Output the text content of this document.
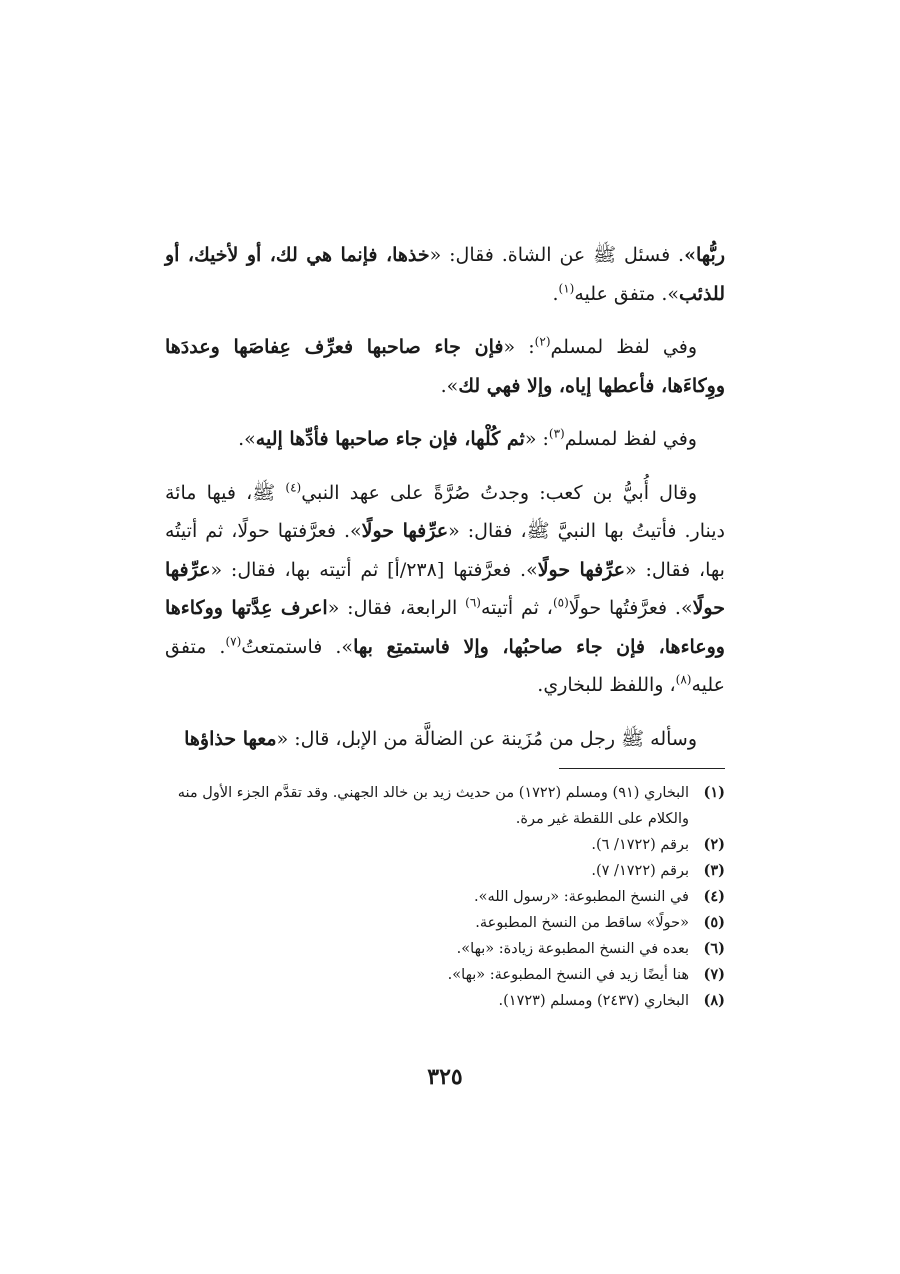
ربُّها». فسئل ﷺ عن الشاة. فقال: «خذها، فإنما هي لك، أو لأخيك، أو للذئب». متفق عليه$^{(١)}$.

وفي لفظ لمسلم$^{(٢)}$: «فإن جاء صاحبها فعرِّف عِفاصَها وعددَها ووِكاءَها، فأعطها إياه، وإلا فهي لك».

وفي لفظ لمسلم$^{(٣)}$: «ثم كُلْها، فإن جاء صاحبها فأدِّها إليه».

وقال أُبيُّ بن كعب: وجدتُ صُرَّةً على عهد النبي$^{(٤)}$ ﷺ، فيها مائة دينار. فأتيتُ بها النبيَّ ﷺ، فقال: «عرِّفها حولًا». فعرَّفتها حولًا، ثم أتيتُه بها، فقال: «عرِّفها حولًا». فعرَّفتها [٢٣٨/أ] ثم أتيته بها، فقال: «عرِّفها حولًا». فعرَّفتُها حولًا$^{(٥)}$، ثم أتيته$^{(٦)}$ الرابعة، فقال: «اعرف عِدَّتها ووكاءها ووعاءها، فإن جاء صاحبُها، وإلا فاستمتِع بها». فاستمتعتُ$^{(٧)}$. متفق عليه$^{(٨)}$، واللفظ للبخاري.

وسأله ﷺ رجل من مُزَينة عن الضالَّة من الإبل، قال: «معها حذاؤها

(١)
البخاري (٩١) ومسلم (١٧٢٢) من حديث زيد بن خالد الجهني. وقد تقدَّم الجزء الأول منه والكلام على اللقطة غير مرة.
(٢)
برقم (١٧٢٢/ ٦).
(٣)
برقم (١٧٢٢/ ٧).
(٤)
في النسخ المطبوعة: «رسول الله».
(٥)
«حولًا» ساقط من النسخ المطبوعة.
(٦)
بعده في النسخ المطبوعة زيادة: «بها».
(٧)
هنا أيضًا زيد في النسخ المطبوعة: «بها».
(٨)
البخاري (٢٤٣٧) ومسلم (١٧٢٣).
٣٢٥
